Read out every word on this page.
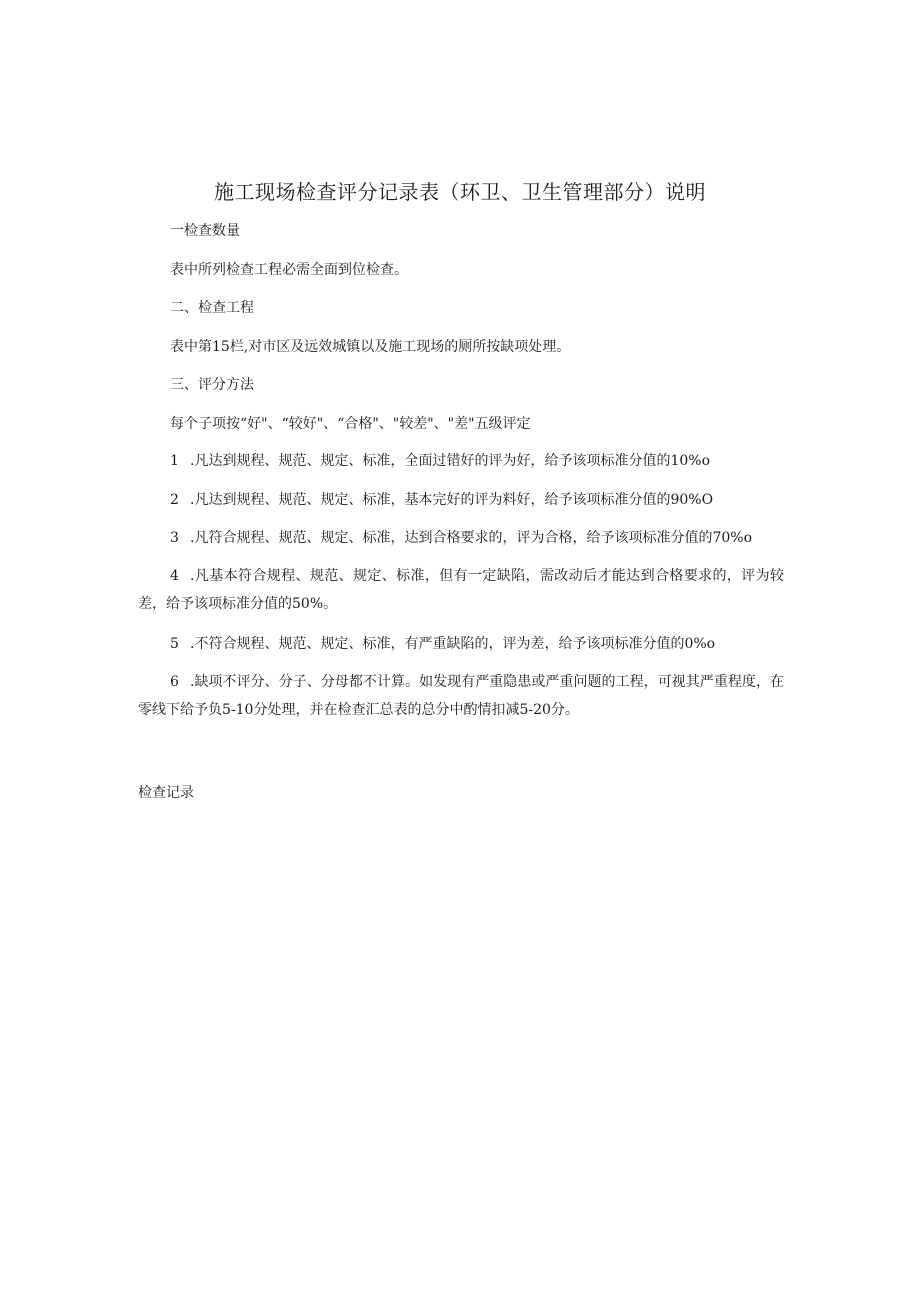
施工现场检查评分记录表（环卫、卫生管理部分）说明
一检查数量
表中所列检查工程必需全面到位检查。
二、检查工程
表中第15栏,对市区及远效城镇以及施工现场的厕所按缺项处理。
三、评分方法
每个子项按“好"、“较好"、“合格"、"较差"、"差"五级评定
1 .凡达到规程、规范、规定、标准，全面过错好的评为好，给予该项标准分值的10%o
2 .凡达到规程、规范、规定、标准，基本完好的评为料好，给予该项标准分值的90%O
3 .凡符合规程、规范、规定、标准，达到合格要求的，评为合格，给予该项标准分值的70%o
4 .凡基本符合规程、规范、规定、标准，但有一定缺陷，需改动后才能达到合格要求的，评为较差，给予该项标准分值的50%。
5 .不符合规程、规范、规定、标准，有严重缺陷的，评为差，给予该项标准分值的0%o
6 .缺项不评分、分子、分母都不计算。如发现有严重隐患或严重问题的工程，可视其严重程度，在零线下给予负5-10分处理，并在检查汇总表的总分中酌情扣减5-20分。
检查记录
